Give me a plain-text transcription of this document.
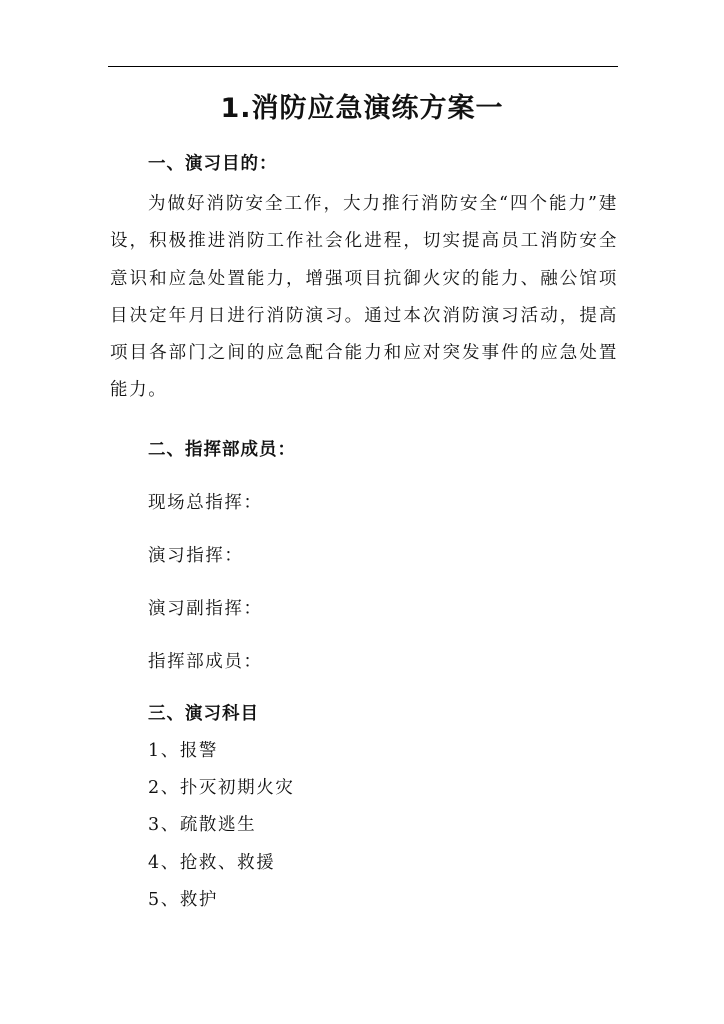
1.消防应急演练方案一
一、演习目的：
为做好消防安全工作，大力推行消防安全“四个能力”建设，积极推进消防工作社会化进程，切实提高员工消防安全意识和应急处置能力，增强项目抗御火灾的能力、融公馆项目决定年月日进行消防演习。通过本次消防演习活动，提高项目各部门之间的应急配合能力和应对突发事件的应急处置能力。
二、指挥部成员：
现场总指挥：
演习指挥：
演习副指挥：
指挥部成员：
三、演习科目
1、报警
2、扑灭初期火灾
3、疏散逃生
4、抢救、救援
5、救护
